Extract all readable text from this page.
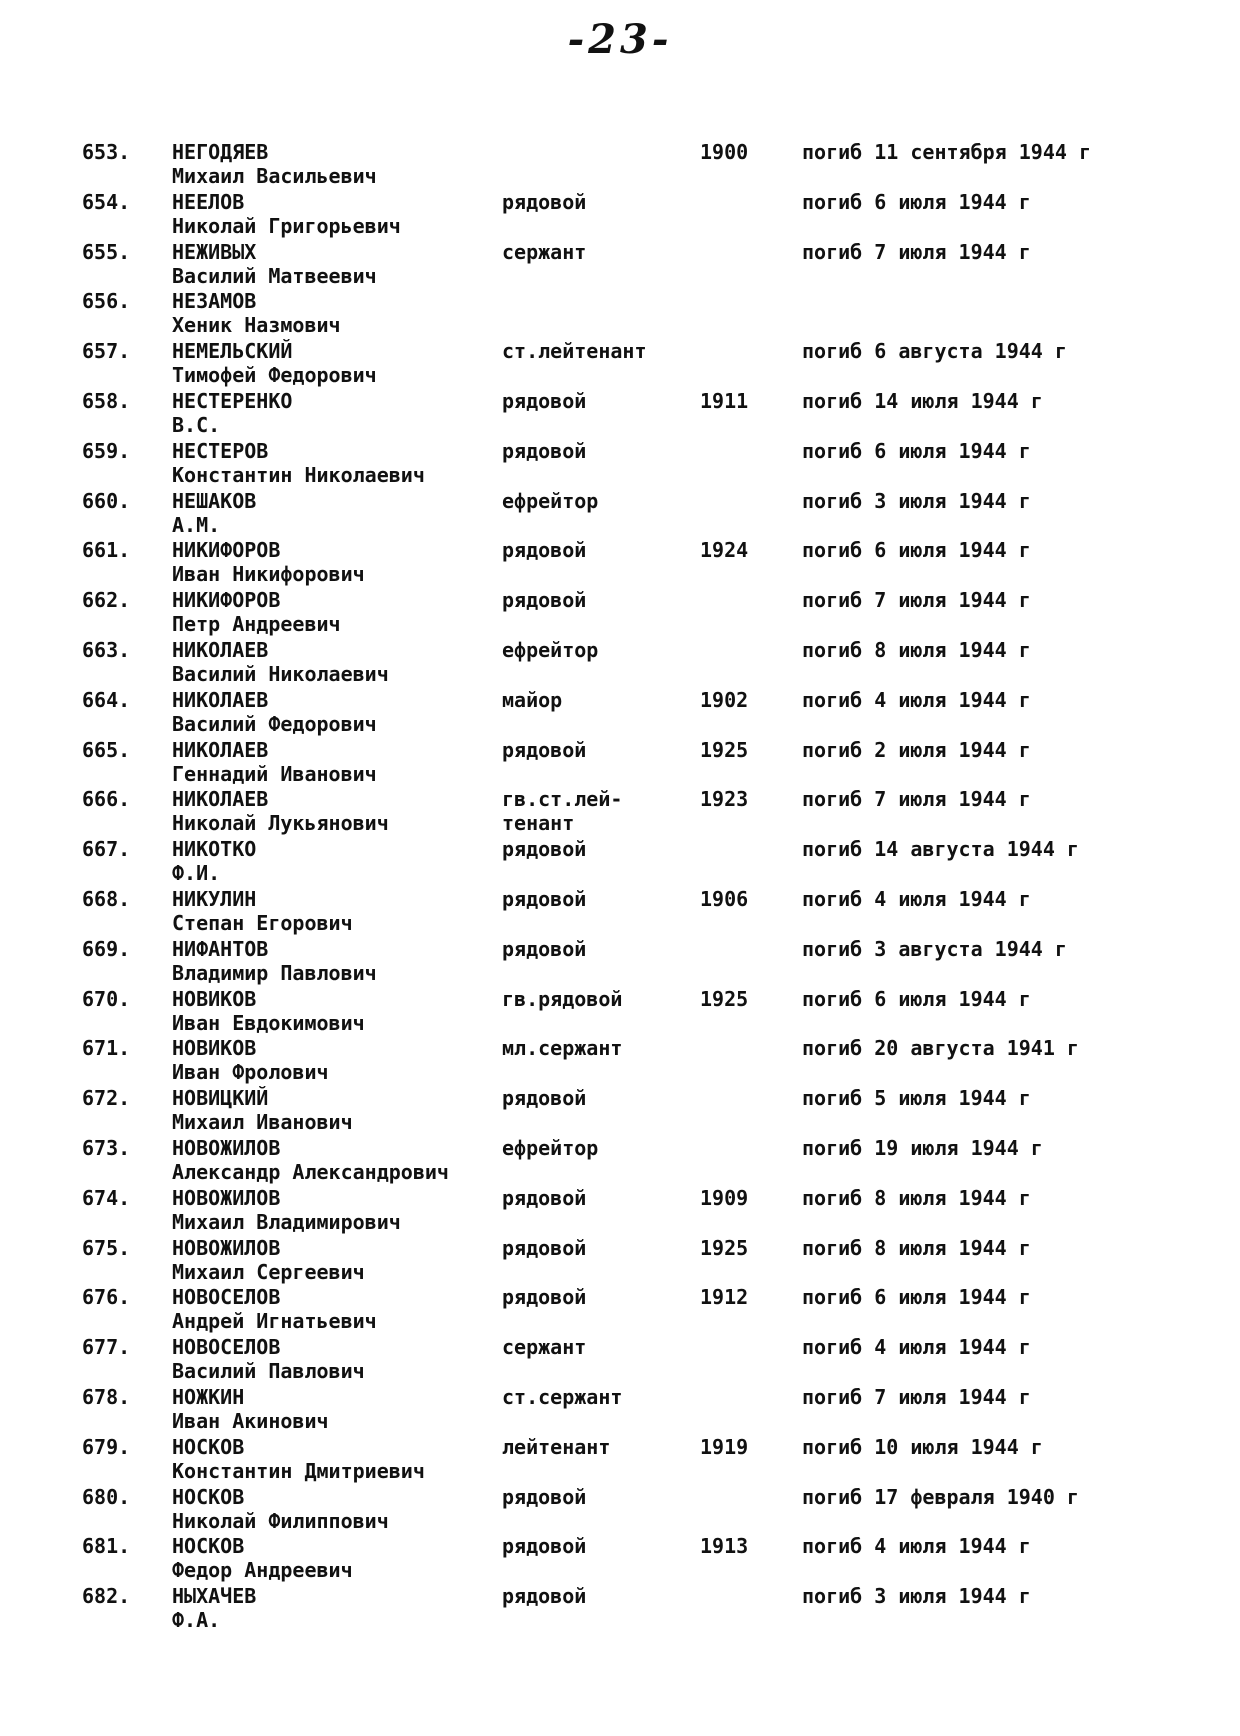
-23-
653. НЕГОДЯЕВ
Михаил Васильевич
1900	погиб 11 сентября 1944 г
654. НЕЕЛОВ
Николай Григорьевич
рядовой	погиб 6 июля 1944 г
655. НЕЖИВЫХ
Василий Матвеевич
сержант	погиб 7 июля 1944 г
656. НЕЗАМОВ
Хеник Назмович
657. НЕМЕЛЬСКИЙ
Тимофей Федорович
ст.лейтенант	погиб 6 августа 1944 г
658. НЕСТЕРЕНКО
В.С.
рядовой	1911	погиб 14 июля 1944 г
659. НЕСТЕРОВ
Константин Николаевич
рядовой	погиб 6 июля 1944 г
660. НЕШАКОВ
А.М.
ефрейтор	погиб 3 июля 1944 г
661. НИКИФОРОВ
Иван Никифорович
рядовой	1924	погиб 6 июля 1944 г
662. НИКИФОРОВ
Петр Андреевич
рядовой	погиб 7 июля 1944 г
663. НИКОЛАЕВ
Василий Николаевич
ефрейтор	погиб 8 июля 1944 г
664. НИКОЛАЕВ
Василий Федорович
майор	1902	погиб 4 июля 1944 г
665. НИКОЛАЕВ
Геннадий Иванович
рядовой	1925	погиб 2 июля 1944 г
666. НИКОЛАЕВ
Николай Лукьянович
гв.ст.лей-
тенант
1923	погиб 7 июля 1944 г
667. НИКОТКО
Ф.И.
рядовой	погиб 14 августа 1944 г
668. НИКУЛИН
Степан Егорович
рядовой	1906	погиб 4 июля 1944 г
669. НИФАНТОВ
Владимир Павлович
рядовой	погиб 3 августа 1944 г
670. НОВИКОВ
Иван Евдокимович
гв.рядовой	1925	погиб 6 июля 1944 г
671. НОВИКОВ
Иван Фролович
мл.сержант	погиб 20 августа 1941 г
672. НОВИЦКИЙ
Михаил Иванович
рядовой	погиб 5 июля 1944 г
673. НОВОЖИЛОВ
Александр Александрович
ефрейтор	погиб 19 июля 1944 г
674. НОВОЖИЛОВ
Михаил Владимирович
рядовой	1909	погиб 8 июля 1944 г
675. НОВОЖИЛОВ
Михаил Сергеевич
рядовой	1925	погиб 8 июля 1944 г
676. НОВОСЕЛОВ
Андрей Игнатьевич
рядовой	1912	погиб 6 июля 1944 г
677. НОВОСЕЛОВ
Василий Павлович
сержант	погиб 4 июля 1944 г
678. НОЖКИН
Иван Акинович
ст.сержант	погиб 7 июля 1944 г
679. НОСКОВ
Константин Дмитриевич
лейтенант	1919	погиб 10 июля 1944 г
680. НОСКОВ
Николай Филиппович
рядовой	погиб 17 февраля 1940 г
681. НОСКОВ
Федор Андреевич
рядовой	1913	погиб 4 июля 1944 г
682. НЫХАЧЕВ
Ф.А.
рядовой	погиб 3 июля 1944 г
